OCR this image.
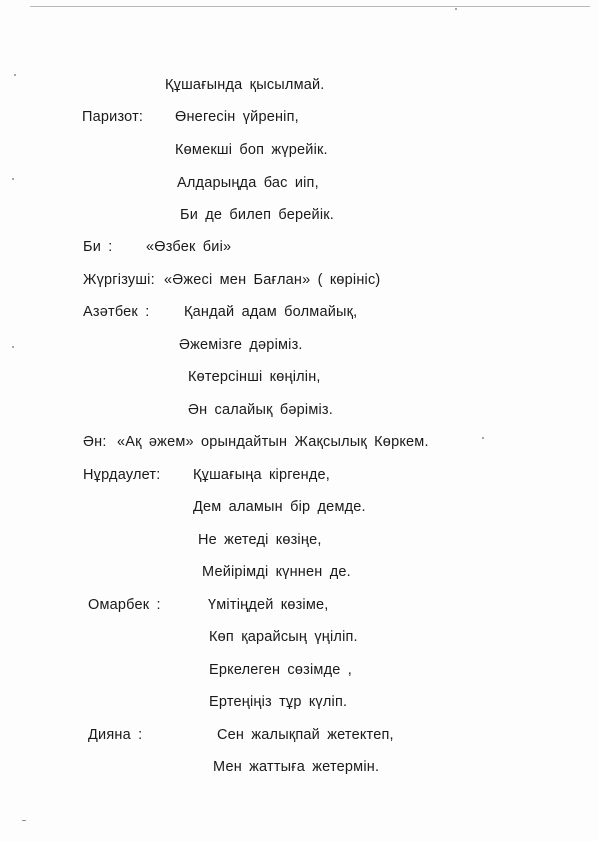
Құшағында қысылмай.
Паризот: Өнегесін үйреніп,
Көмекші боп жүрейік.
Алдарыңда бас иіп,
Би де билеп берейік.
Би : «Өзбек биі»
Жүргізуші: «Әжесі мен Бағлан» ( көрініс)
Азәтбек : Қандай адам болмайық,
Әжемізге дәріміз.
Көтерсінші көңілін,
Ән салайық бәріміз.
Ән: «Ақ әжем» орындайтын Жақсылық Көркем.
Нұрдаулет: Құшағыңа кіргенде,
Дем аламын бір демде.
Не жетеді көзіңе,
Мейірімді күннен де.
Омарбек :	Үмітіңдей көзіме,
Көп қарайсың үңіліп.
Еркелеген сөзімде ,
Ертеңіңіз тұр күліп.
Дияна :	Сен жалықпай жетектеп,
Мен жаттыға жетермін.
